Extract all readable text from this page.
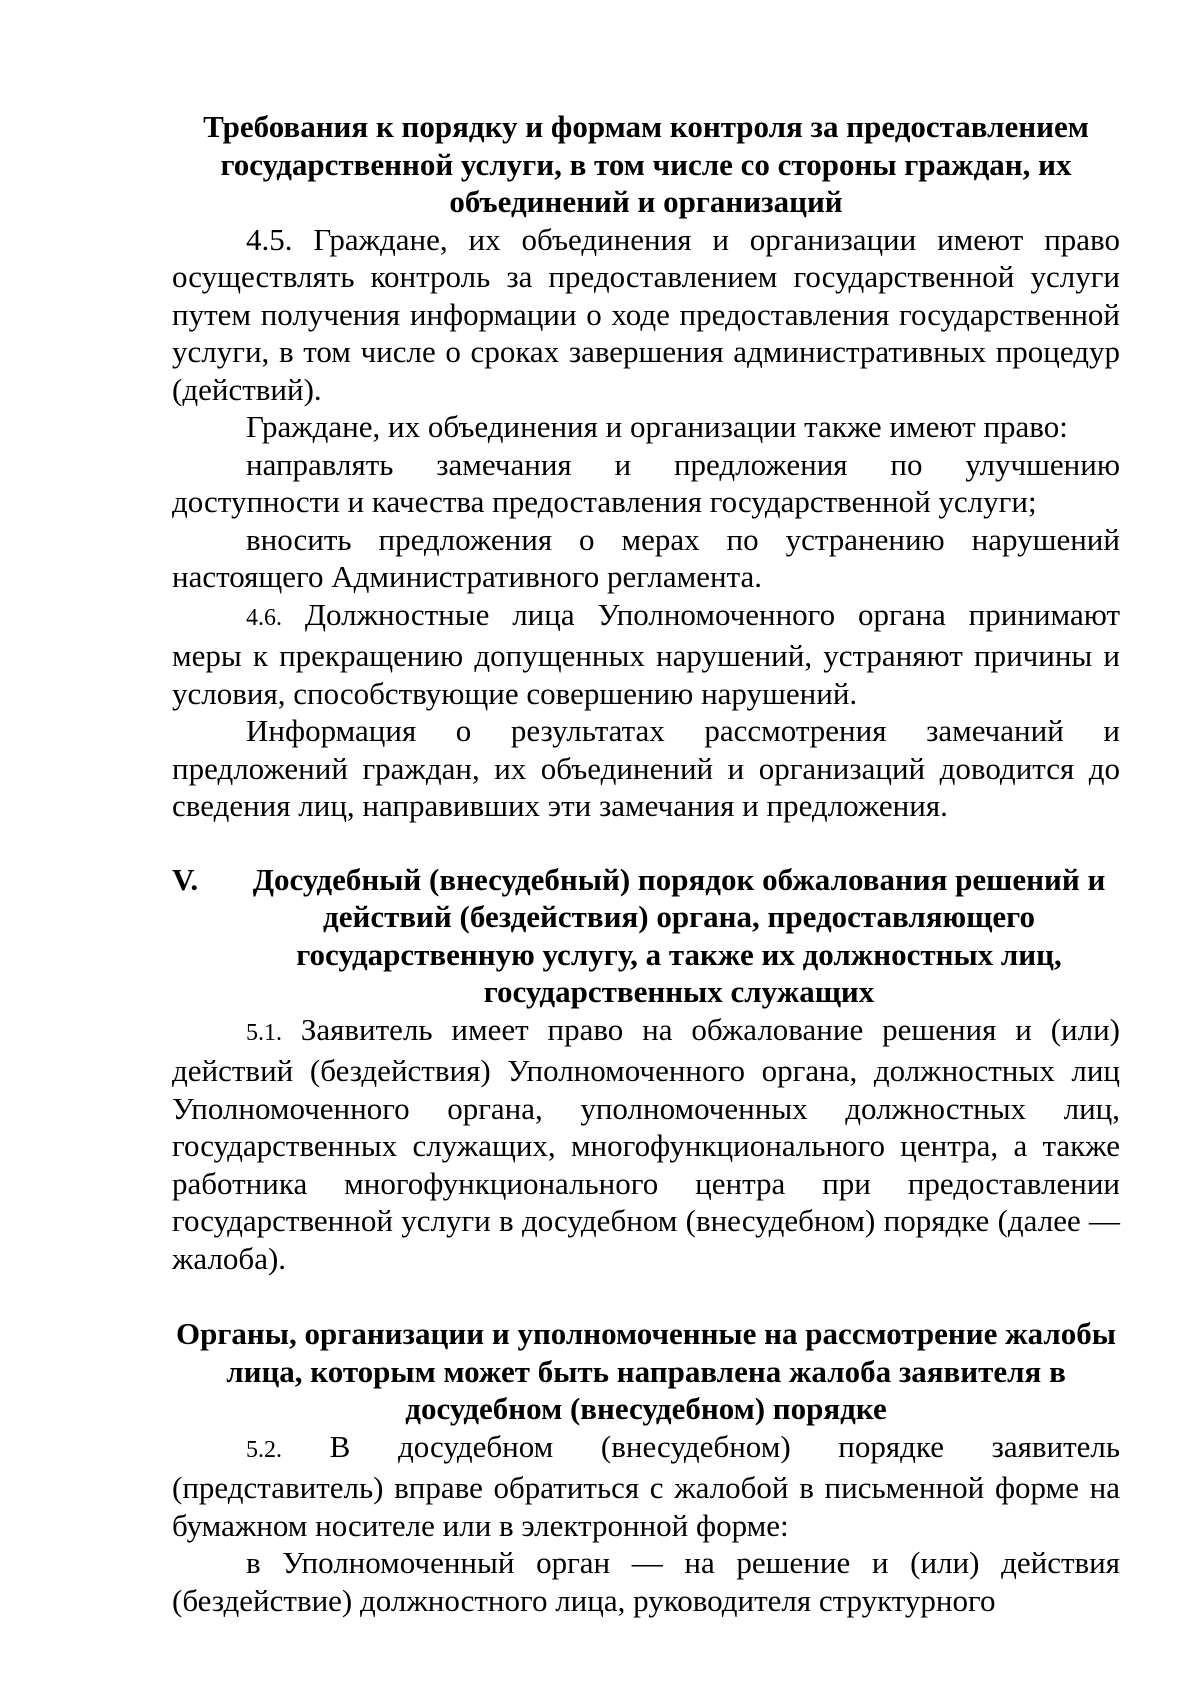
Требования к порядку и формам контроля за предоставлением государственной услуги, в том числе со стороны граждан, их объединений и организаций

4.5. Граждане, их объединения и организации имеют право осуществлять контроль за предоставлением государственной услуги путем получения информации о ходе предоставления государственной услуги, в том числе о сроках завершения административных процедур (действий).

Граждане, их объединения и организации также имеют право:

направлять замечания и предложения по улучшению доступности и качества предоставления государственной услуги;

вносить предложения о мерах по устранению нарушений настоящего Административного регламента.

4.6. Должностные лица Уполномоченного органа принимают меры к прекращению допущенных нарушений, устраняют причины и условия, способствующие совершению нарушений.

Информация о результатах рассмотрения замечаний и предложений граждан, их объединений и организаций доводится до сведения лиц, направивших эти замечания и предложения.

V.	Досудебный (внесудебный) порядок обжалования решений и действий (бездействия) органа, предоставляющего государственную услугу, а также их должностных лиц, государственных служащих

5.1. Заявитель имеет право на обжалование решения и (или) действий (бездействия) Уполномоченного органа, должностных лиц Уполномоченного органа, уполномоченных должностных лиц, государственных служащих, многофункционального центра, а также работника многофункционального центра при предоставлении государственной услуги в досудебном (внесудебном) порядке (далее — жалоба).

Органы, организации и уполномоченные на рассмотрение жалобы лица, которым может быть направлена жалоба заявителя в досудебном (внесудебном) порядке

5.2. В досудебном (внесудебном) порядке заявитель (представитель) вправе обратиться с жалобой в письменной форме на бумажном носителе или в электронной форме:

в Уполномоченный орган — на решение и (или) действия (бездействие) должностного лица, руководителя структурного
